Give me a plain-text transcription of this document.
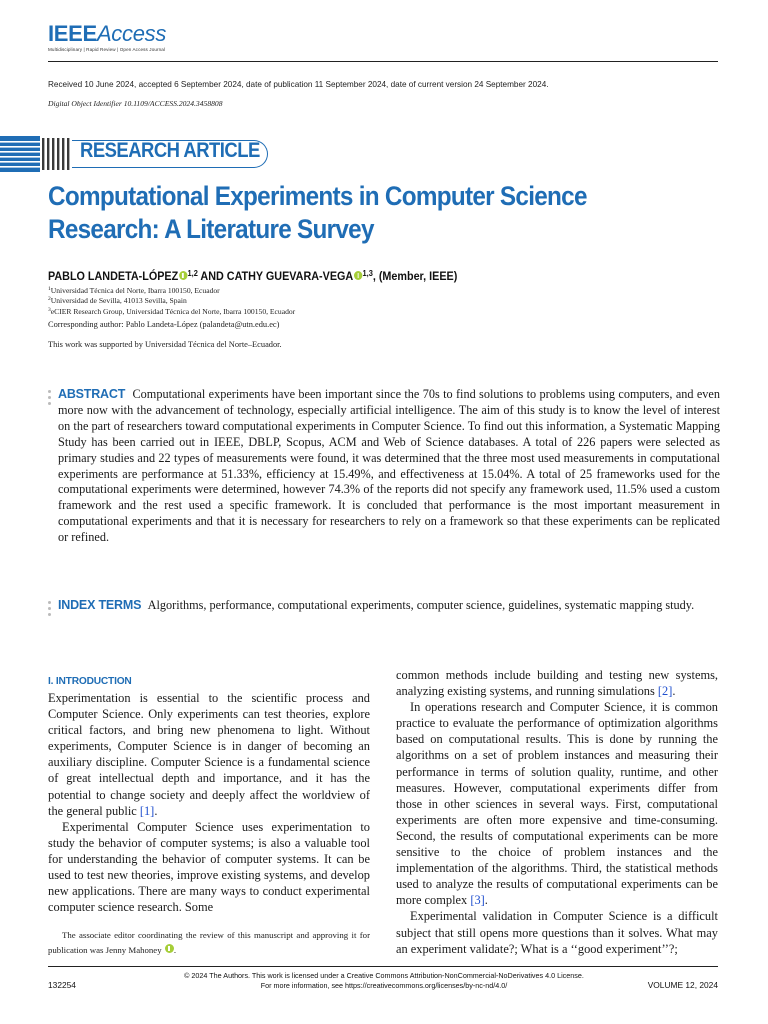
IEEEAccess
Multidisciplinary | Rapid Review | Open Access Journal
Received 10 June 2024, accepted 6 September 2024, date of publication 11 September 2024, date of current version 24 September 2024.
Digital Object Identifier 10.1109/ACCESS.2024.3458808
RESEARCH ARTICLE
Computational Experiments in Computer Science
Research: A Literature Survey
PABLO LANDETA-LÓPEZ $^{1,2}$ AND CATHY GUEVARA-VEGA $^{1,3}$, (Member, IEEE)
$^1$Universidad Técnica del Norte, Ibarra 100150, Ecuador
$^2$Universidad de Sevilla, 41013 Sevilla, Spain
$^3$eCIER Research Group, Universidad Técnica del Norte, Ibarra 100150, Ecuador
Corresponding author: Pablo Landeta-López (palandeta@utn.edu.ec)
This work was supported by Universidad Técnica del Norte–Ecuador.

ABSTRACT Computational experiments have been important since the 70s to find solutions to problems using computers, and even more now with the advancement of technology, especially artificial intelligence. The aim of this study is to know the level of interest on the part of researchers toward computational experiments in Computer Science. To find out this information, a Systematic Mapping Study has been carried out in IEEE, DBLP, Scopus, ACM and Web of Science databases. A total of 226 papers were selected as primary studies and 22 types of measurements were found, it was determined that the three most used measurements in computational experiments are performance at 51.33%, efficiency at 15.49%, and effectiveness at 15.04%. A total of 25 frameworks used for the computational experiments were determined, however 74.3% of the reports did not specify any framework used, 11.5% used a custom framework and the rest used a specific framework. It is concluded that performance is the most important measurement in computational experiments and that it is necessary for researchers to rely on a framework so that these experiments can be replicated or refined.

INDEX TERMS Algorithms, performance, computational experiments, computer science, guidelines, systematic mapping study.

I. INTRODUCTION

Experimentation is essential to the scientific process and Computer Science. Only experiments can test theories, explore critical factors, and bring new phenomena to light. Without experiments, Computer Science is in danger of becoming an auxiliary discipline. Computer Science is a fundamental science of great intellectual depth and importance, and it has the potential to change society and deeply affect the worldview of the general public [1].

Experimental Computer Science uses experimentation to study the behavior of computer systems; is also a valuable tool for understanding the behavior of computer systems. It can be used to test new theories, improve existing systems, and develop new applications. There are many ways to conduct experimental computer science research. Some

common methods include building and testing new systems, analyzing existing systems, and running simulations [2].

In operations research and Computer Science, it is common practice to evaluate the performance of optimization algorithms based on computational results. This is done by running the algorithms on a set of problem instances and measuring their performance in terms of solution quality, runtime, and other measures. However, computational experiments differ from those in other sciences in several ways. First, computational experiments are often more expensive and time-consuming. Second, the results of computational experiments can be more sensitive to the choice of problem instances and the implementation of the algorithms. Third, the statistical methods used to analyze the results of computational experiments can be more complex [3].

Experimental validation in Computer Science is a difficult subject that still opens more questions than it solves. What may an experiment validate?; What is a ‘‘good experiment’’?;

The associate editor coordinating the review of this manuscript and approving it for publication was Jenny Mahoney .

132254
© 2024 The Authors. This work is licensed under a Creative Commons Attribution-NonCommercial-NoDerivatives 4.0 License.
For more information, see https://creativecommons.org/licenses/by-nc-nd/4.0/	VOLUME 12, 2024
